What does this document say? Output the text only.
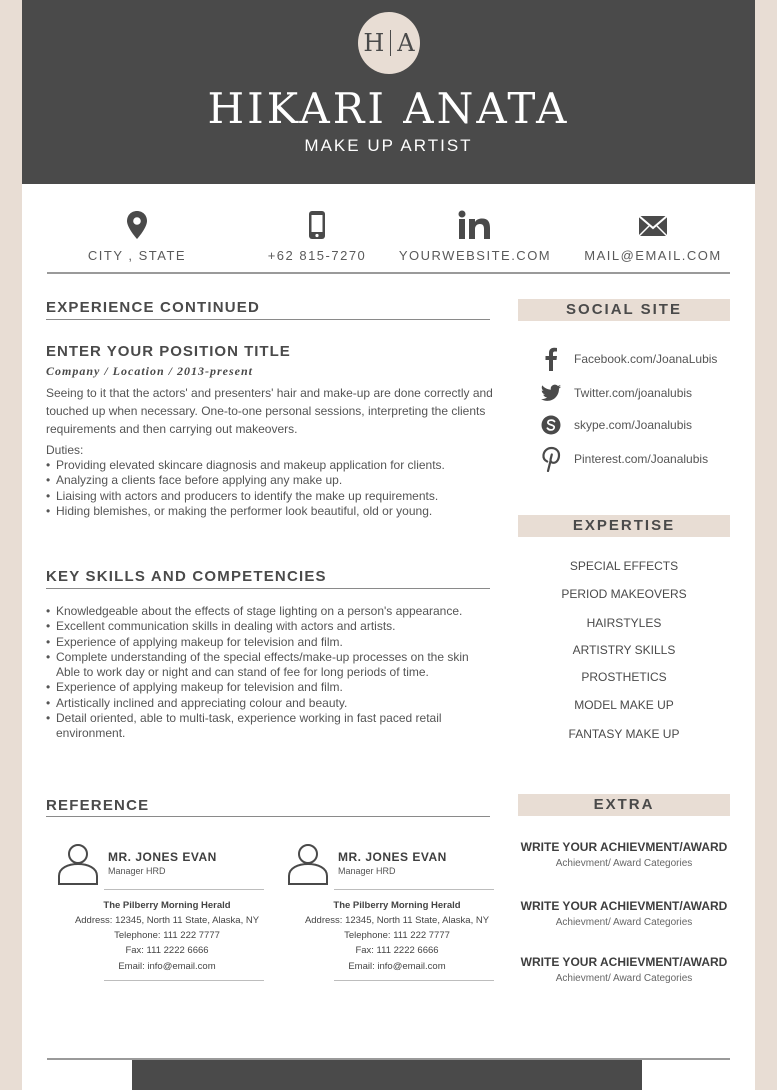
H A
HIKARI ANATA
MAKE UP ARTIST
CITY , STATE	+62 815-7270	YOURWEBSITE.COM	MAIL@EMAIL.COM
EXPERIENCE CONTINUED
ENTER YOUR POSITION TITLE
Company / Location / 2013-present
Seeing to it that the actors' and presenters' hair and make-up are done correctly and touched up when necessary. One-to-one personal sessions, interpreting the clients requirements and then carrying out makeovers.
Duties:
• Providing elevated skincare diagnosis and makeup application for clients.
• Analyzing a clients face before applying any make up.
• Liaising with actors and producers to identify the make up requirements.
• Hiding blemishes, or making the performer look beautiful, old or young.
KEY SKILLS AND COMPETENCIES
• Knowledgeable about the effects of stage lighting on a person's appearance.
• Excellent communication skills in dealing with actors and artists.
• Experience of applying makeup for television and film.
• Complete understanding of the special effects/make-up processes on the skin Able to work day or night and can stand of fee for long periods of time.
• Experience of applying makeup for television and film.
• Artistically inclined and appreciating colour and beauty.
• Detail oriented, able to multi-task, experience working in fast paced retail environment.
REFERENCE
MR. JONES EVAN
Manager HRD
The Pilberry Morning Herald
Address: 12345, North 11 State, Alaska, NY
Telephone: 111 222 7777
Fax: 111 2222 6666
Email: info@email.com
MR. JONES EVAN
Manager HRD
The Pilberry Morning Herald
Address: 12345, North 11 State, Alaska, NY
Telephone: 111 222 7777
Fax: 111 2222 6666
Email: info@email.com
SOCIAL SITE
Facebook.com/JoanaLubis
Twitter.com/joanalubis
skype.com/Joanalubis
Pinterest.com/Joanalubis
EXPERTISE
SPECIAL EFFECTS
PERIOD MAKEOVERS
HAIRSTYLES
ARTISTRY SKILLS
PROSTHETICS
MODEL MAKE UP
FANTASY MAKE UP
EXTRA
WRITE YOUR ACHIEVMENT/AWARD
Achievment/ Award Categories
WRITE YOUR ACHIEVMENT/AWARD
Achievment/ Award Categories
WRITE YOUR ACHIEVMENT/AWARD
Achievment/ Award Categories
